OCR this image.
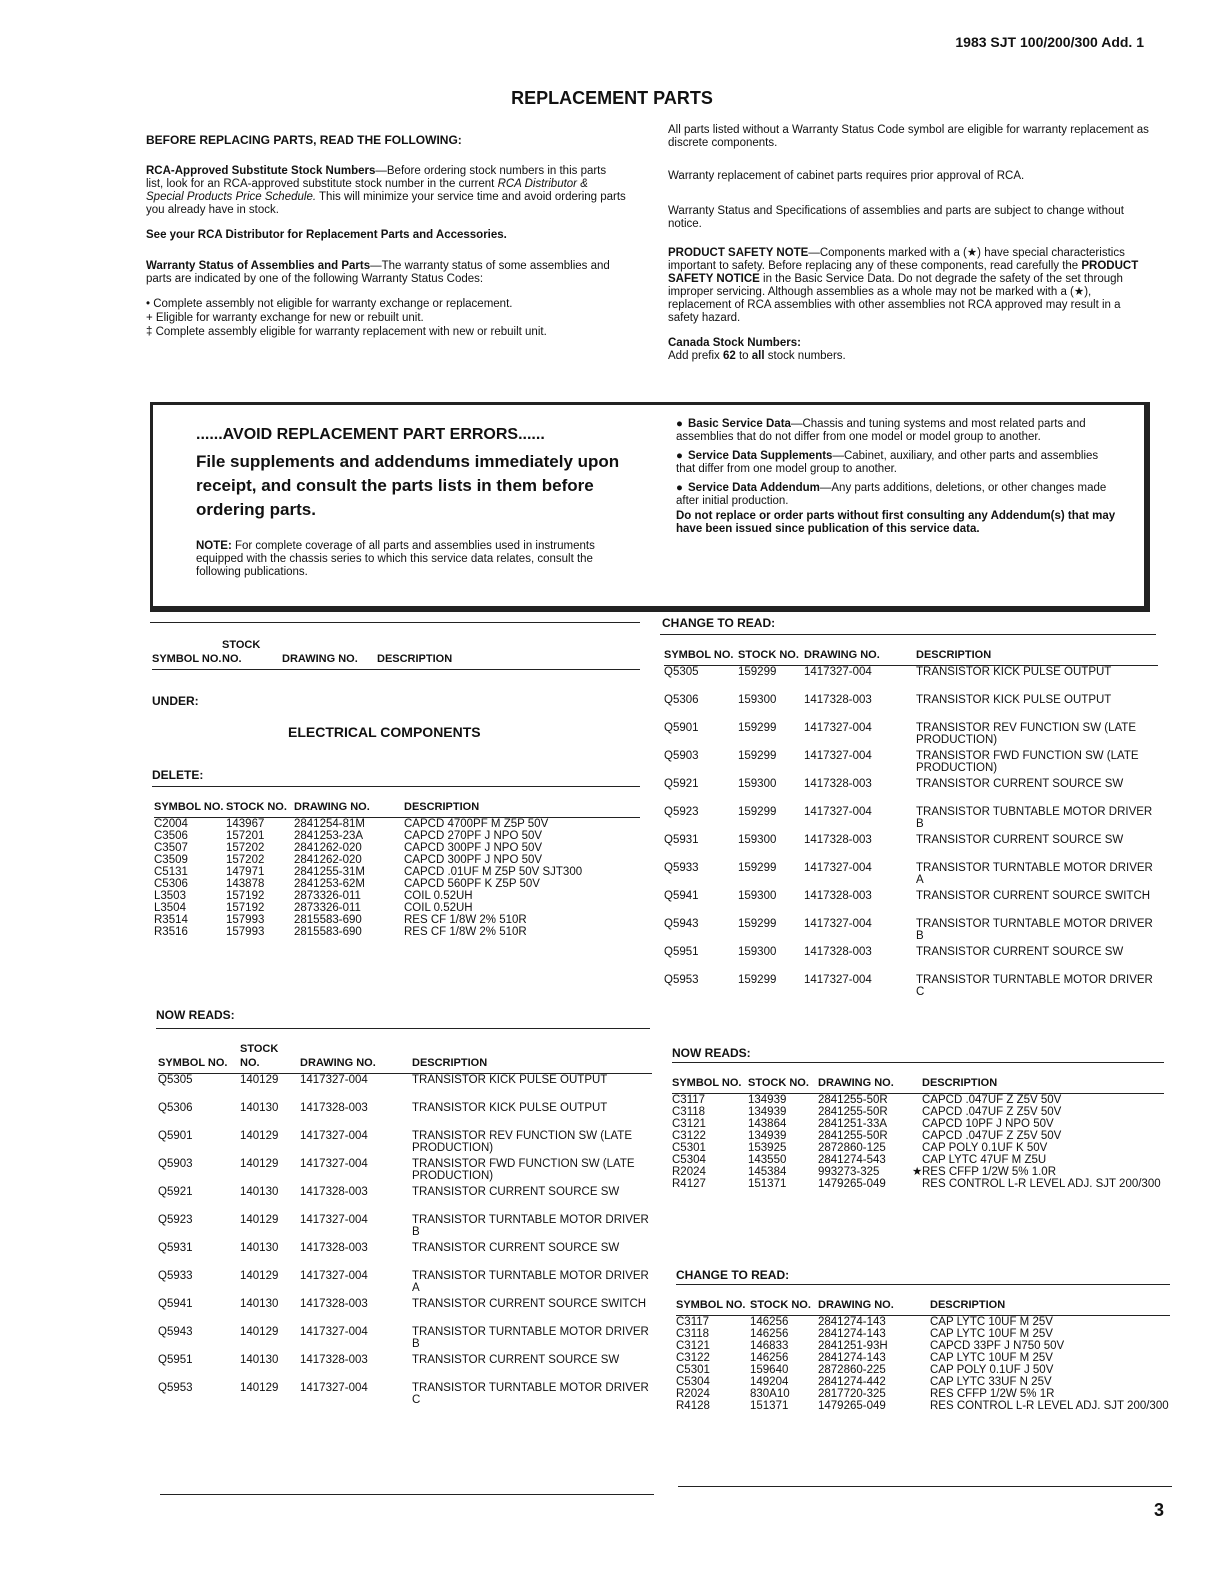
1983 SJT 100/200/300 Add. 1
REPLACEMENT PARTS

BEFORE REPLACING PARTS, READ THE FOLLOWING:

RCA-Approved Substitute Stock Numbers—Before ordering stock numbers in this parts list, look for an RCA-approved substitute stock number in the current RCA Distributor & Special Products Price Schedule. This will minimize your service time and avoid ordering parts you already have in stock.

See your RCA Distributor for Replacement Parts and Accessories.

Warranty Status of Assemblies and Parts—The warranty status of some assemblies and parts are indicated by one of the following Warranty Status Codes:

• Complete assembly not eligible for warranty exchange or replacement.
+ Eligible for warranty exchange for new or rebuilt unit.
‡ Complete assembly eligible for warranty replacement with new or rebuilt unit.

All parts listed without a Warranty Status Code symbol are eligible for warranty replacement as discrete components.

Warranty replacement of cabinet parts requires prior approval of RCA.

Warranty Status and Specifications of assemblies and parts are subject to change without notice.

PRODUCT SAFETY NOTE—Components marked with a (★) have special characteristics important to safety. Before replacing any of these components, read carefully the PRODUCT SAFETY NOTICE in the Basic Service Data. Do not degrade the safety of the set through improper servicing. Although assemblies as a whole may not be marked with a (★), replacement of RCA assemblies with other assemblies not RCA approved may result in a safety hazard.

Canada Stock Numbers:
Add prefix 62 to all stock numbers.
......AVOID REPLACEMENT PART ERRORS......
File supplements and addendums immediately upon receipt, and consult the parts lists in them before ordering parts.
NOTE: For complete coverage of all parts and assemblies used in instruments equipped with the chassis series to which this service data relates, consult the following publications.

● Basic Service Data—Chassis and tuning systems and most related parts and assemblies that do not differ from one model or model group to another.

● Service Data Supplements—Cabinet, auxiliary, and other parts and assemblies that differ from one model group to another.

● Service Data Addendum—Any parts additions, deletions, or other changes made after initial production.

Do not replace or order parts without first consulting any Addendum(s) that may have been issued since publication of this service data.

SYMBOL NO.	STOCK NO.	DRAWING NO.	DESCRIPTION
UNDER:
ELECTRICAL COMPONENTS
DELETE:
SYMBOL NO.	STOCK NO.	DRAWING NO.	DESCRIPTION
C2004	143967	2841254-81M	CAPCD 4700PF M Z5P 50V
C3506	157201	2841253-23A	CAPCD 270PF J NPO 50V
C3507	157202	2841262-020	CAPCD 300PF J NPO 50V
C3509	157202	2841262-020	CAPCD 300PF J NPO 50V
C5131	147971	2841255-31M	CAPCD .01UF M Z5P 50V SJT300
C5306	143878	2841253-62M	CAPCD 560PF K Z5P 50V
L3503	157192	2873326-011	COIL 0.52UH
L3504	157192	2873326-011	COIL 0.52UH
R3514	157993	2815583-690	RES CF 1/8W 2% 510R
R3516	157993	2815583-690	RES CF 1/8W 2% 510R
NOW READS:
SYMBOL NO.	STOCK NO.	DRAWING NO.	DESCRIPTION
Q5305	140129	1417327-004	TRANSISTOR KICK PULSE OUTPUT
Q5306	140130	1417328-003	TRANSISTOR KICK PULSE OUTPUT
Q5901	140129	1417327-004	TRANSISTOR REV FUNCTION SW (LATE PRODUCTION)
Q5903	140129	1417327-004	TRANSISTOR FWD FUNCTION SW (LATE PRODUCTION)
Q5921	140130	1417328-003	TRANSISTOR CURRENT SOURCE SW
Q5923	140129	1417327-004	TRANSISTOR TURNTABLE MOTOR DRIVER B
Q5931	140130	1417328-003	TRANSISTOR CURRENT SOURCE SW
Q5933	140129	1417327-004	TRANSISTOR TURNTABLE MOTOR DRIVER A
Q5941	140130	1417328-003	TRANSISTOR CURRENT SOURCE SWITCH
Q5943	140129	1417327-004	TRANSISTOR TURNTABLE MOTOR DRIVER B
Q5951	140130	1417328-003	TRANSISTOR CURRENT SOURCE SW
Q5953	140129	1417327-004	TRANSISTOR TURNTABLE MOTOR DRIVER C
CHANGE TO READ:
SYMBOL NO.	STOCK NO.	DRAWING NO.	DESCRIPTION
Q5305	159299	1417327-004	TRANSISTOR KICK PULSE OUTPUT
Q5306	159300	1417328-003	TRANSISTOR KICK PULSE OUTPUT
Q5901	159299	1417327-004	TRANSISTOR REV FUNCTION SW (LATE PRODUCTION)
Q5903	159299	1417327-004	TRANSISTOR FWD FUNCTION SW (LATE PRODUCTION)
Q5921	159300	1417328-003	TRANSISTOR CURRENT SOURCE SW
Q5923	159299	1417327-004	TRANSISTOR TUBNTABLE MOTOR DRIVER B
Q5931	159300	1417328-003	TRANSISTOR CURRENT SOURCE SW
Q5933	159299	1417327-004	TRANSISTOR TURNTABLE MOTOR DRIVER A
Q5941	159300	1417328-003	TRANSISTOR CURRENT SOURCE SWITCH
Q5943	159299	1417327-004	TRANSISTOR TURNTABLE MOTOR DRIVER B
Q5951	159300	1417328-003	TRANSISTOR CURRENT SOURCE SW
Q5953	159299	1417327-004	TRANSISTOR TURNTABLE MOTOR DRIVER C
NOW READS:
SYMBOL NO.	STOCK NO.	DRAWING NO.	DESCRIPTION
C3117	134939	2841255-50R	CAPCD .047UF Z Z5V 50V
C3118	134939	2841255-50R	CAPCD .047UF Z Z5V 50V
C3121	143864	2841251-33A	CAPCD 10PF J NPO 50V
C3122	134939	2841255-50R	CAPCD .047UF Z Z5V 50V
C5301	153925	2872860-125	CAP POLY 0.1UF K 50V
C5304	143550	2841274-543	CAP LYTC 47UF M Z5U
R2024	145384	993273-325	★ RES CFFP 1/2W 5% 1.0R
R4127	151371	1479265-049	RES CONTROL L-R LEVEL ADJ. SJT 200/300
CHANGE TO READ:
SYMBOL NO.	STOCK NO.	DRAWING NO.	DESCRIPTION
C3117	146256	2841274-143	CAP LYTC 10UF M 25V
C3118	146256	2841274-143	CAP LYTC 10UF M 25V
C3121	146833	2841251-93H	CAPCD 33PF J N750 50V
C3122	146256	2841274-143	CAP LYTC 10UF M 25V
C5301	159640	2872860-225	CAP POLY 0.1UF J 50V
C5304	149204	2841274-442	CAP LYTC 33UF N 25V
R2024	830A10	2817720-325	RES CFFP 1/2W 5% 1R
R4128	151371	1479265-049	RES CONTROL L-R LEVEL ADJ. SJT 200/300
3
